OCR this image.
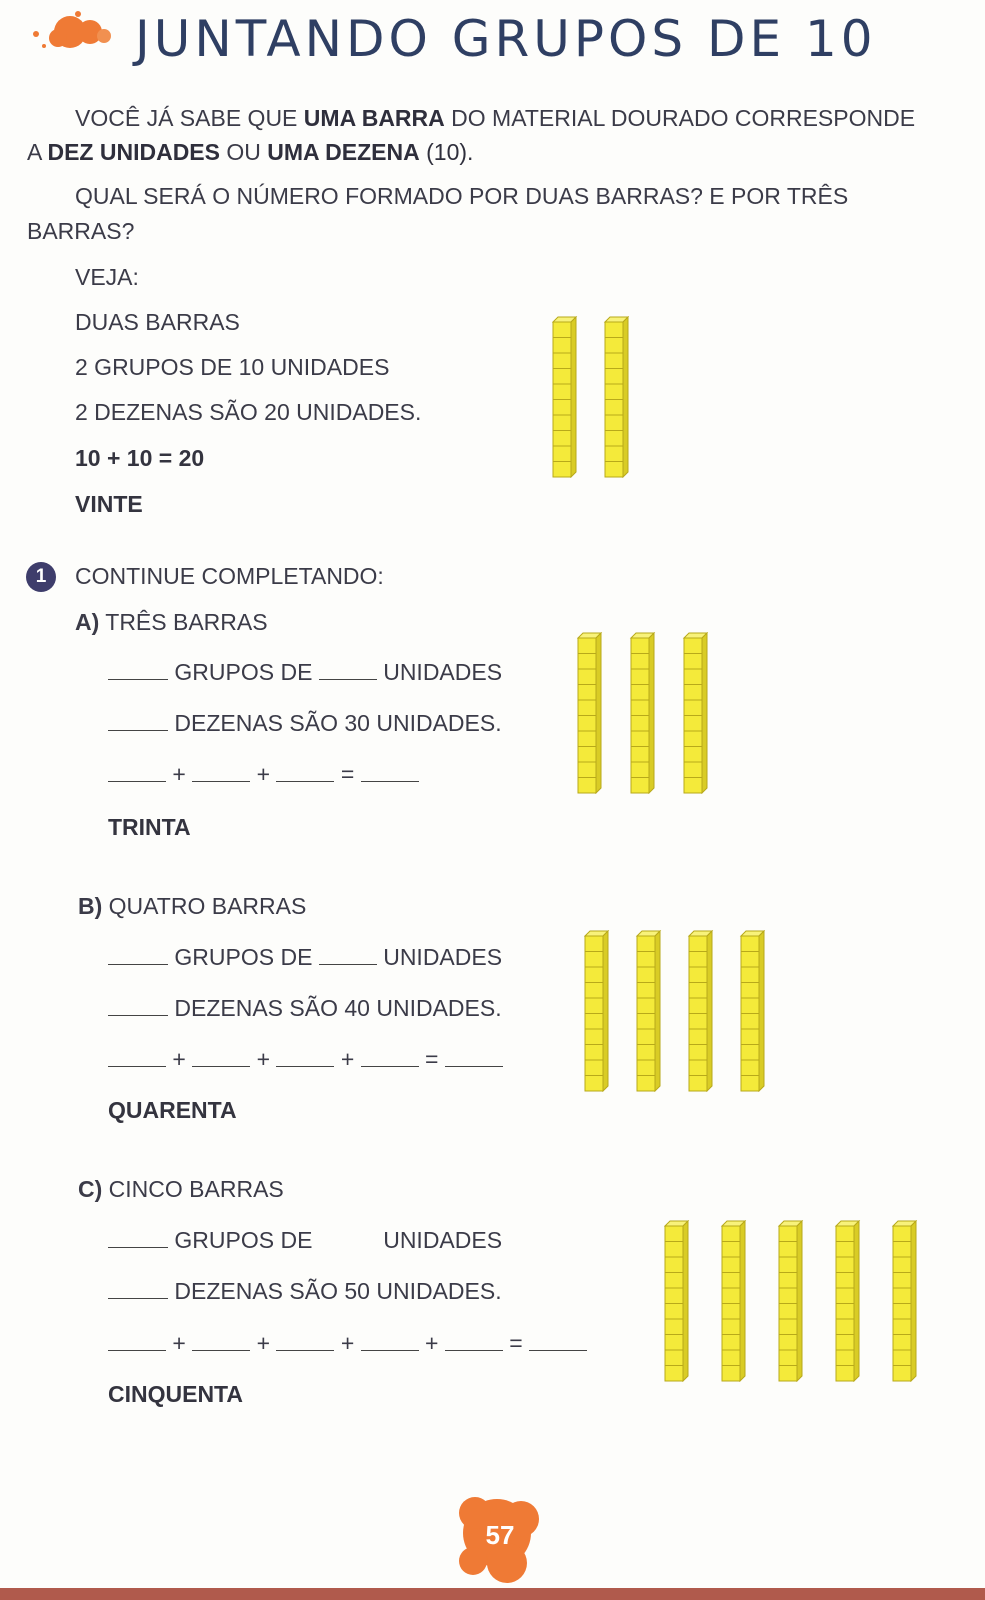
JUNTANDO GRUPOS DE 10
VOCÊ JÁ SABE QUE UMA BARRA DO MATERIAL DOURADO CORRESPONDE
A DEZ UNIDADES OU UMA DEZENA (10).
QUAL SERÁ O NÚMERO FORMADO POR DUAS BARRAS? E POR TRÊS
BARRAS?
VEJA:
DUAS BARRAS
2 GRUPOS DE 10 UNIDADES
2 DEZENAS SÃO 20 UNIDADES.
10 + 10 = 20
VINTE
1	CONTINUE COMPLETANDO:
A) TRÊS BARRAS
GRUPOS DE	UNIDADES
DEZENAS SÃO 30 UNIDADES.
+	+	=
TRINTA
B) QUATRO BARRAS
GRUPOS DE	UNIDADES
DEZENAS SÃO 40 UNIDADES.
+	+	+	=
QUARENTA
C) CINCO BARRAS
GRUPOS DE	UNIDADES
DEZENAS SÃO 50 UNIDADES.
+	+	+	+	=
CINQUENTA
57
